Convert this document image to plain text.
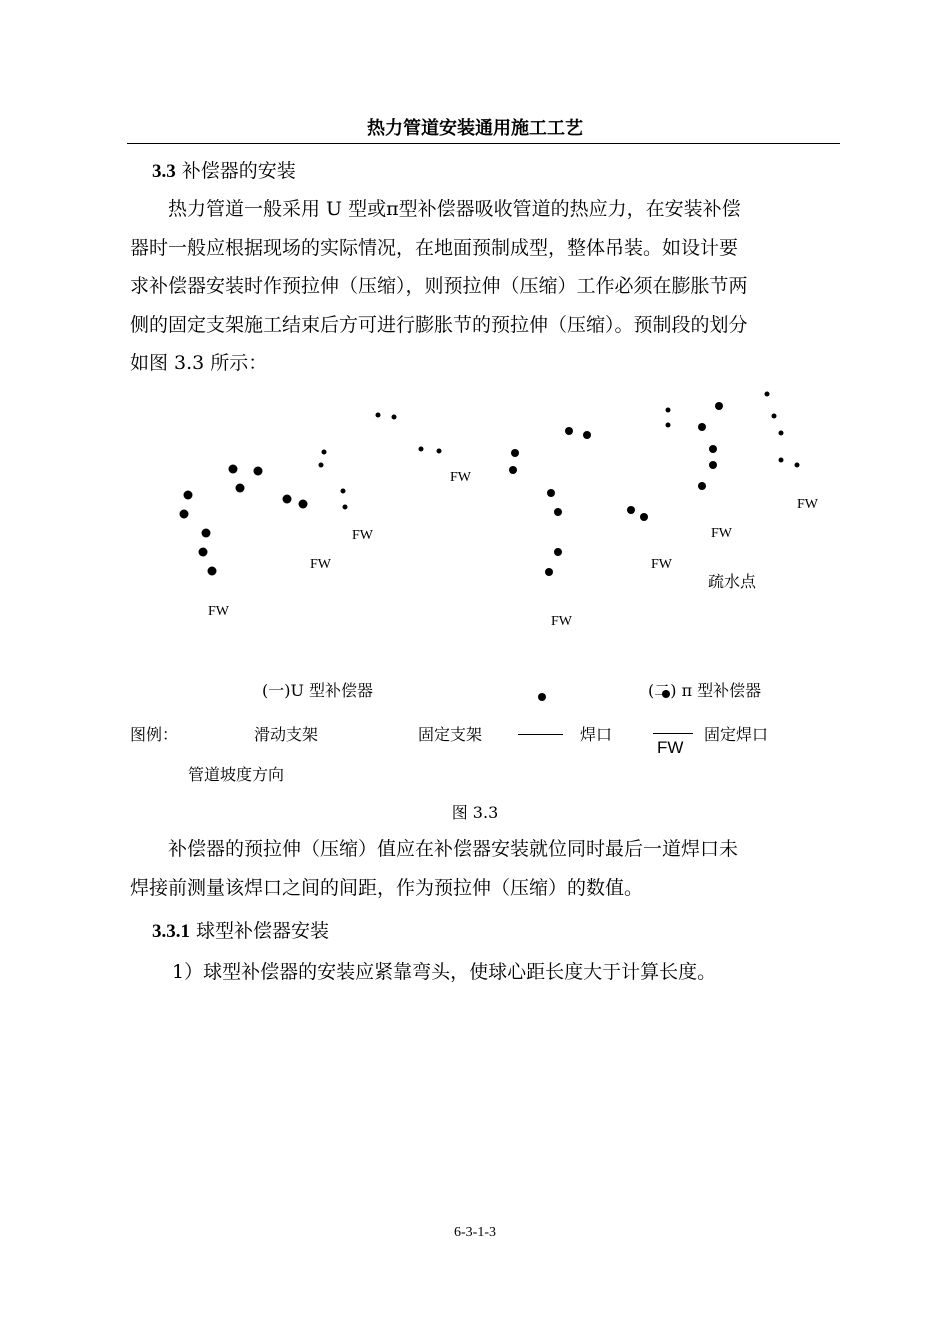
热力管道安装通用施工工艺
3.3 补偿器的安装
热力管道一般采用 U 型或π型补偿器吸收管道的热应力，在安装补偿
器时一般应根据现场的实际情况，在地面预制成型，整体吊装。如设计要
求补偿器安装时作预拉伸（压缩），则预拉伸（压缩）工作必须在膨胀节两
侧的固定支架施工结束后方可进行膨胀节的预拉伸（压缩）。预制段的划分
如图 3.3 所示：
FW
FW
FW
FW
FW
FW
FW
FW
疏水点
(一)U 型补偿器	(二) π 型补偿器
图例：	滑动支架	固定支架	焊口	固定焊口
FW
管道坡度方向
图 3.3
补偿器的预拉伸（压缩）值应在补偿器安装就位同时最后一道焊口未
焊接前测量该焊口之间的间距，作为预拉伸（压缩）的数值。
3.3.1 球型补偿器安装
1）球型补偿器的安装应紧靠弯头，使球心距长度大于计算长度。
6-3-1-3
